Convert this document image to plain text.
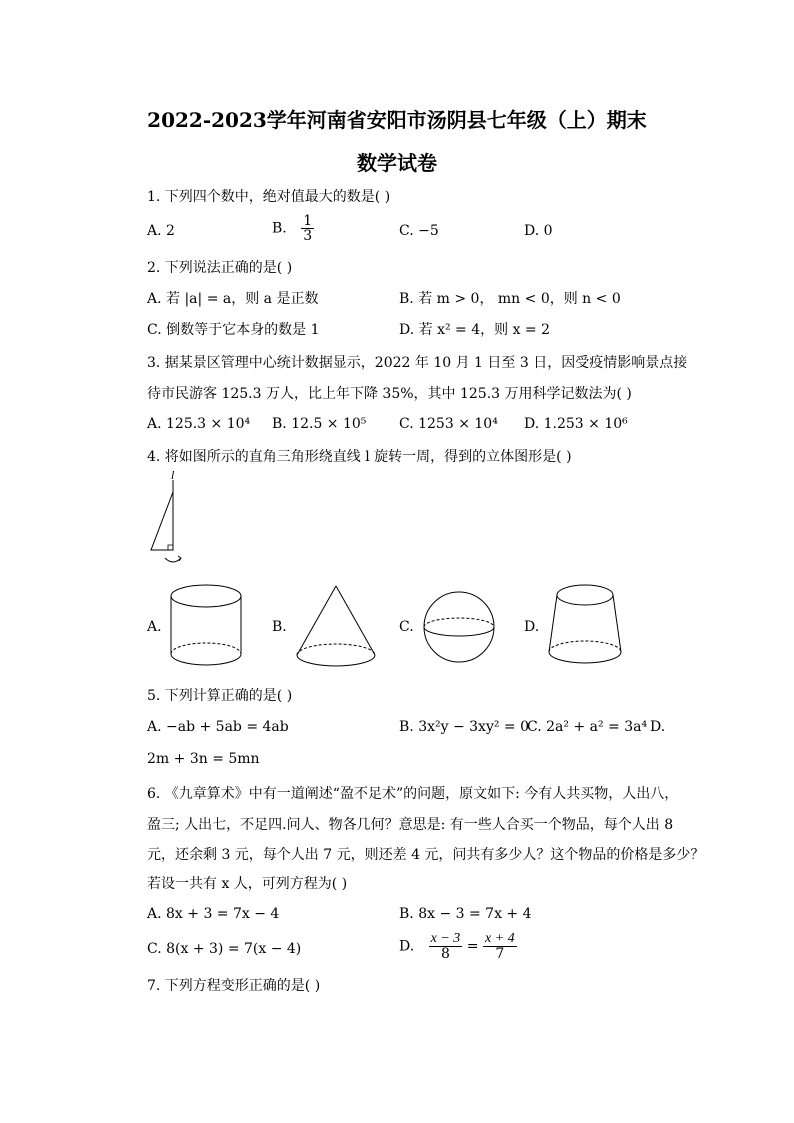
2022-2023学年河南省安阳市汤阴县七年级（上）期末
数学试卷
1. 下列四个数中，绝对值最大的数是( )
A. 2	B. $\frac{1}{3}$	C. −5	D. 0
2. 下列说法正确的是( )
A. 若 |a| = a，则 a 是正数	B. 若 m > 0， mn < 0，则 n < 0
C. 倒数等于它本身的数是 1	D. 若 x² = 4，则 x = 2
3. 据某景区管理中心统计数据显示，2022 年 10 月 1 日至 3 日，因受疫情影响景点接
待市民游客 125.3 万人，比上年下降 35%，其中 125.3 万用科学记数法为( )
A. 125.3 × 10⁴ B. 12.5 × 10⁵ C. 1253 × 10⁴ D. 1.253 × 10⁶
4. 将如图所示的直角三角形绕直线 l 旋转一周，得到的立体图形是( )
l
A.	B.	C.	D.
5. 下列计算正确的是( )
A. −ab + 5ab = 4ab	B. 3x²y − 3xy² = 0
C. 2a² + a² = 3a⁴ D.
2m + 3n = 5mn
6. 《九章算术》中有一道阐述“盈不足术”的问题，原文如下: 今有人共买物，人出八，
盈三; 人出七，不足四.问人、物各几何？意思是: 有一些人合买一个物品，每个人出 8
元，还余剩 3 元，每个人出 7 元，则还差 4 元，问共有多少人？这个物品的价格是多少？
若设一共有 x 人，可列方程为( )
A. 8x + 3 = 7x − 4	B. 8x − 3 = 7x + 4
C. 8(x + 3) = 7(x − 4)	D. $\frac{x - 3}{8} = \frac{x + 4}{7}$
7. 下列方程变形正确的是( )
